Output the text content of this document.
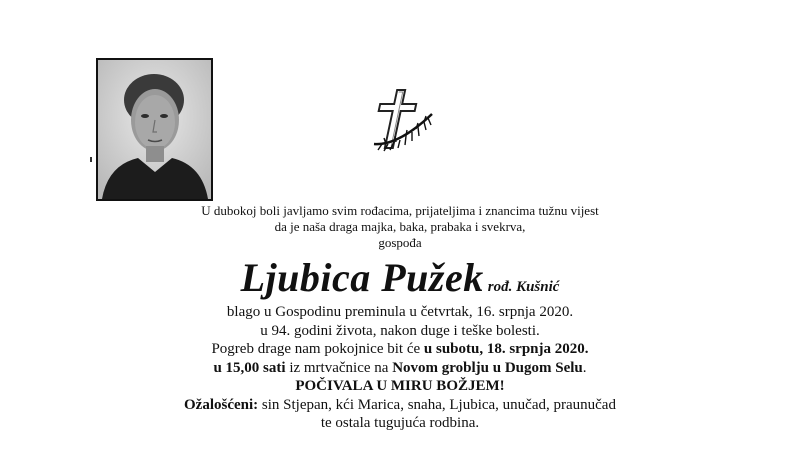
U dubokoj boli javljamo svim rođacima, prijateljima i znancima tužnu vijest
da je naša draga majka, baka, prabaka i svekrva,
gospođa
Ljubica Pužek rođ. Kušnić
blago u Gospodinu preminula u četvrtak, 16. srpnja 2020.
u 94. godini života, nakon duge i teške bolesti.
Pogreb drage nam pokojnice bit će u subotu, 18. srpnja 2020.
u 15,00 sati iz mrtvačnice na Novom groblju u Dugom Selu.
POČIVALA U MIRU BOŽJEM!
Ožalošćeni: sin Stjepan, kći Marica, snaha, Ljubica, unučad, praunučad
te ostala tugujuća rodbina.
